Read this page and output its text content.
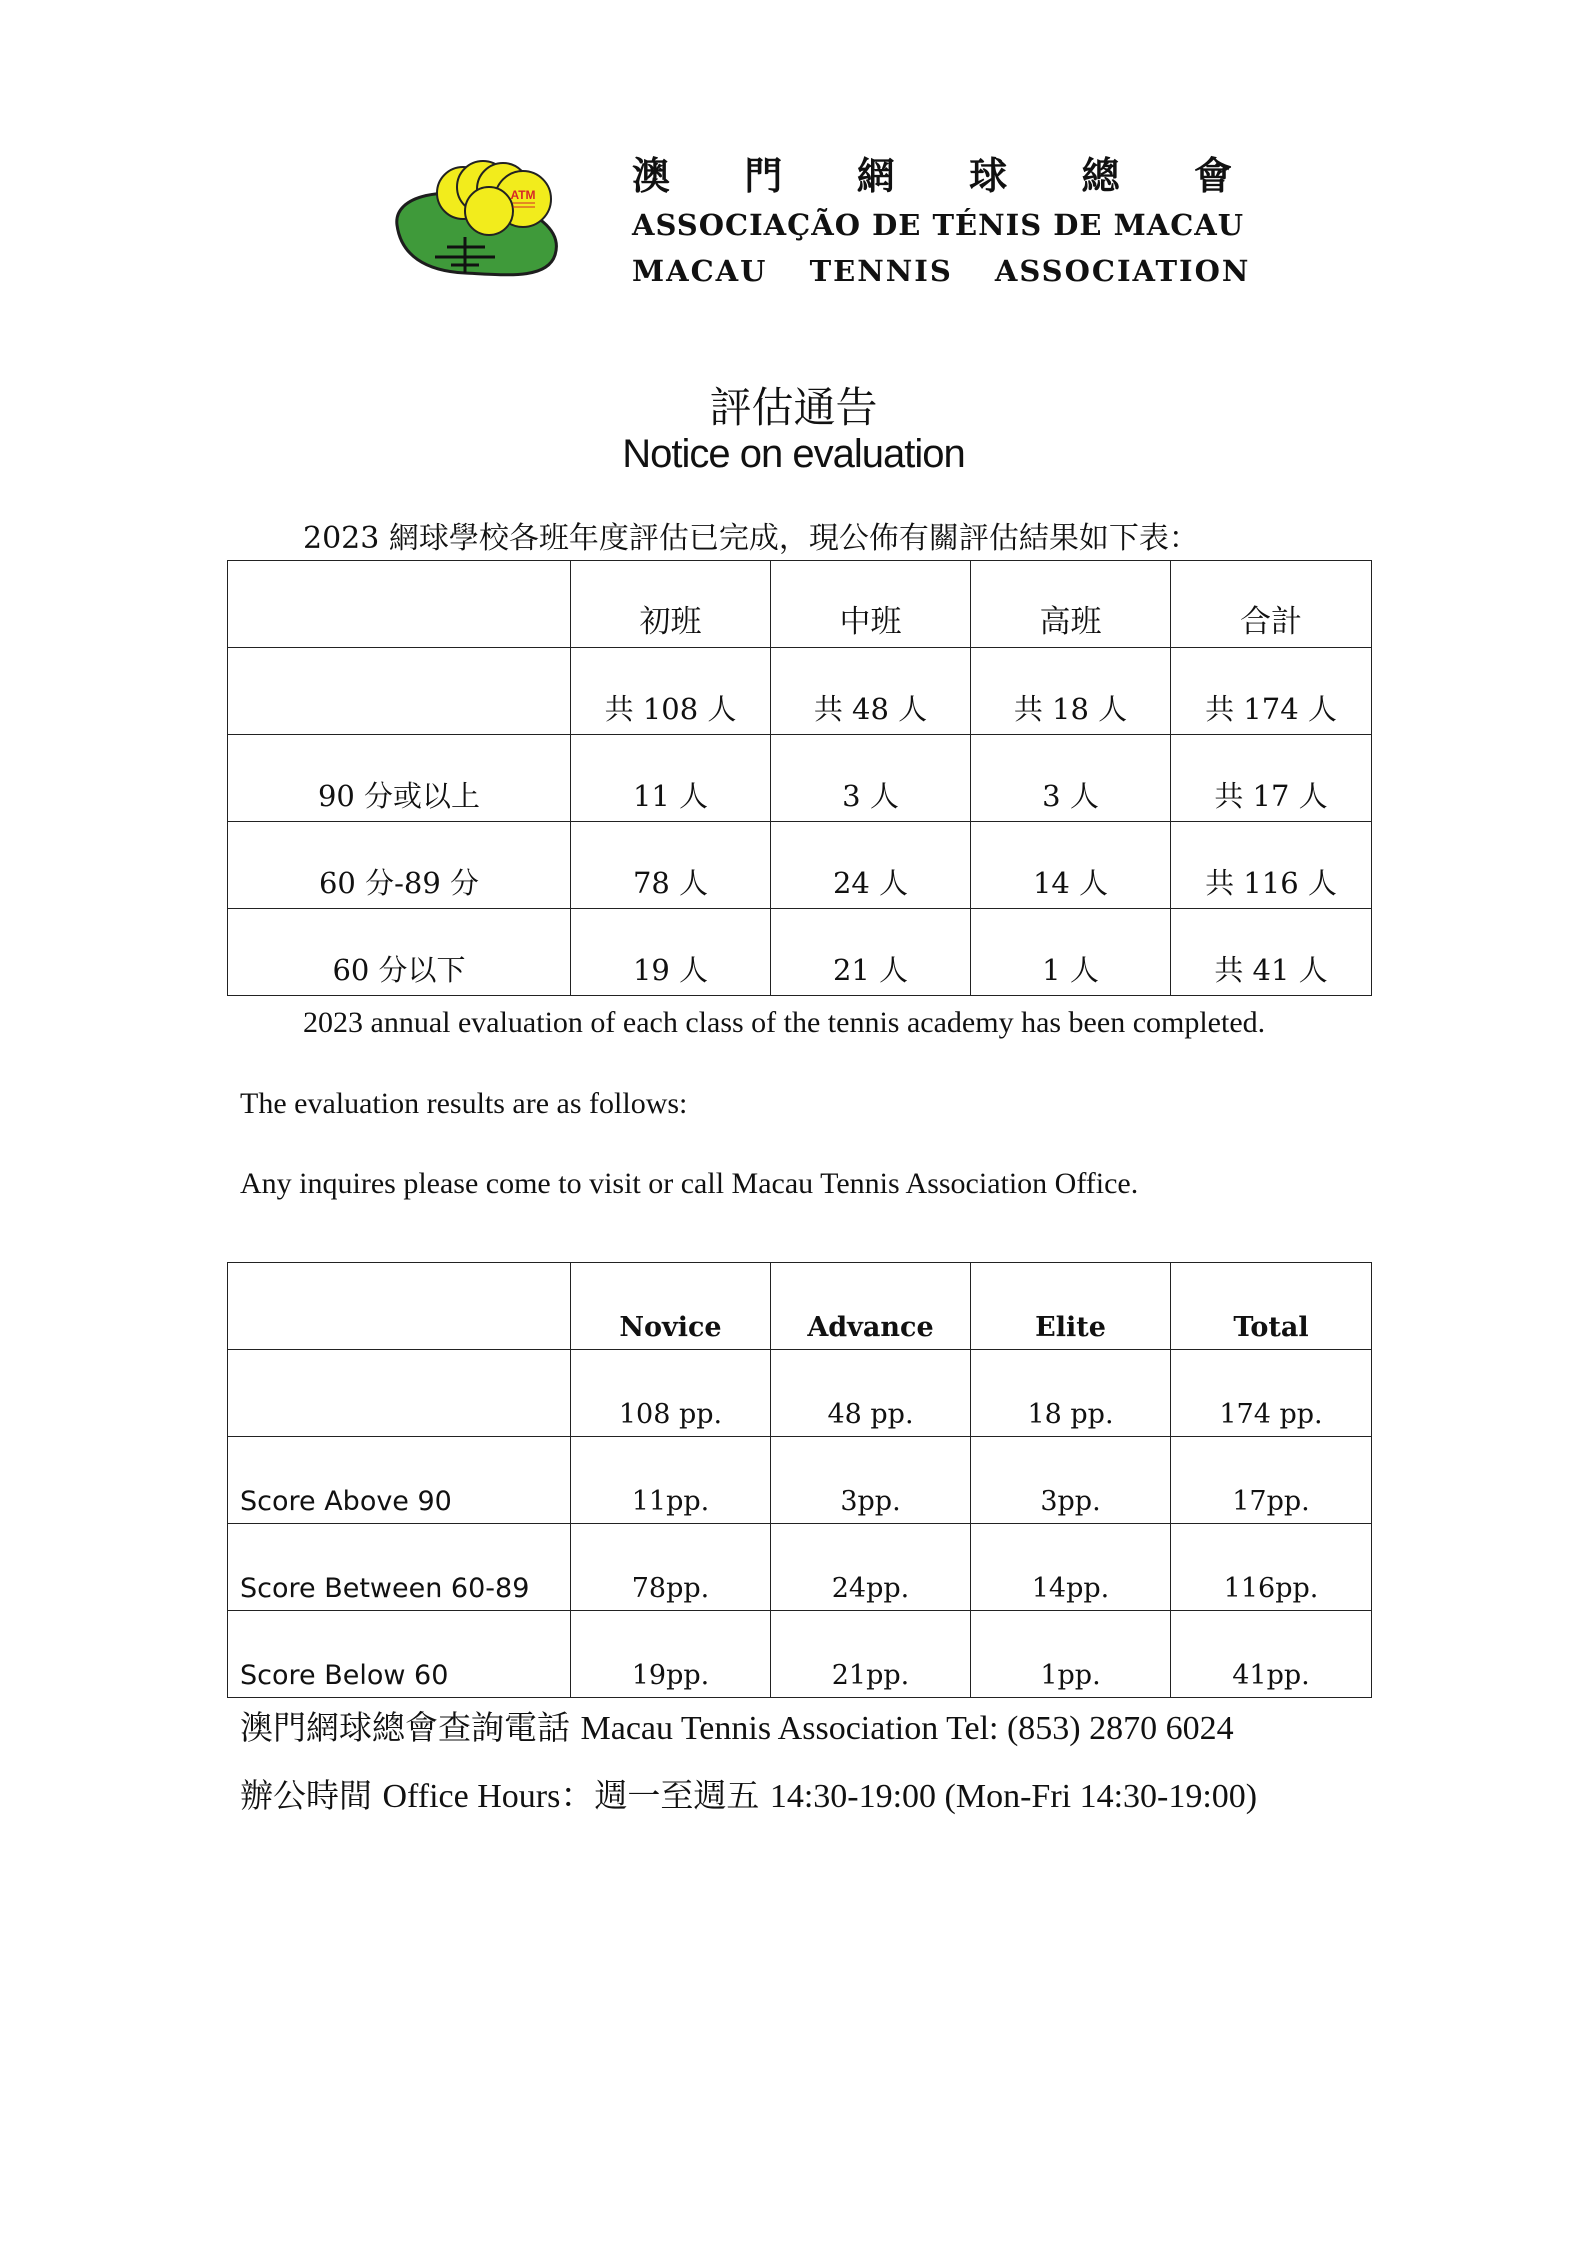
ATM	澳 門 網 球 總 會
ASSOCIAÇÃO DE TÉNIS DE MACAU
MACAU TENNIS ASSOCIATION
評估通告
Notice on evaluation
2023 網球學校各班年度評估已完成，現公佈有關評估結果如下表：
	初班	中班	高班	合計
	共 108 人	共 48 人	共 18 人	共 174 人
90 分或以上	11 人	3 人	3 人	共 17 人
60 分-89 分	78 人	24 人	14 人	共 116 人
60 分以下	19 人	21 人	1 人	共 41 人
2023 annual evaluation of each class of the tennis academy has been completed.
The evaluation results are as follows:
Any inquires please come to visit or call Macau Tennis Association Office.
	Novice	Advance	Elite	Total
	108 pp.	48 pp.	18 pp.	174 pp.
Score Above 90	11pp.	3pp.	3pp.	17pp.
Score Between 60-89	78pp.	24pp.	14pp.	116pp.
Score Below 60	19pp.	21pp.	1pp.	41pp.
澳門網球總會查詢電話 Macau Tennis Association Tel: (853) 2870 6024
辦公時間 Office Hours：週一至週五 14:30-19:00 (Mon-Fri 14:30-19:00)
